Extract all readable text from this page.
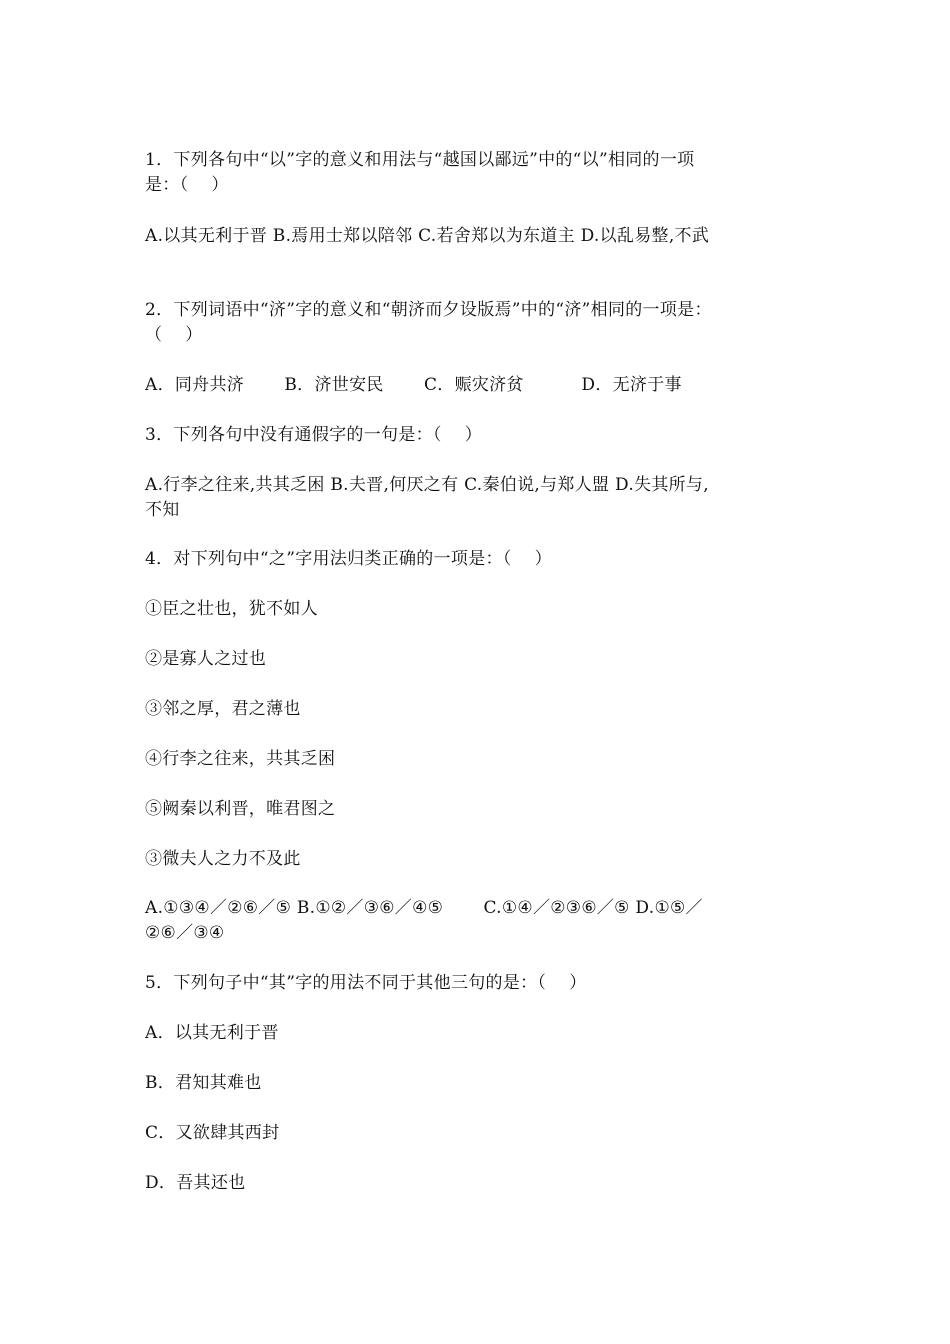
1．下列各句中“以”字的意义和用法与“越国以鄙远”中的“以”相同的一项
是：（　 ）
A.以其无利于晋 B.焉用士郑以陪邻 C.若舍郑以为东道主 D.以乱易整,不武
2．下列词语中“济”字的意义和“朝济而夕设版焉”中的“济”相同的一项是：
（　 ）
A．同舟共济　　 B．济世安民　　 C．赈灾济贫　　　 D．无济于事
3．下列各句中没有通假字的一句是：（　 ）
A.行李之往来,共其乏困 B.夫晋,何厌之有 C.秦伯说,与郑人盟 D.失其所与,
不知
4．对下列句中“之”字用法归类正确的一项是：（　 ）
①臣之壮也，犹不如人
②是寡人之过也
③邻之厚，君之薄也
④行李之往来，共其乏困
⑤阙秦以利晋，唯君图之
③微夫人之力不及此
A.①③④／②⑥／⑤ B.①②／③⑥／④⑤　　 C.①④／②③⑥／⑤ D.①⑤／
②⑥／③④
5．下列句子中“其”字的用法不同于其他三句的是：（　 ）
A．以其无利于晋
B．君知其难也
C．又欲肆其西封
D．吾其还也
